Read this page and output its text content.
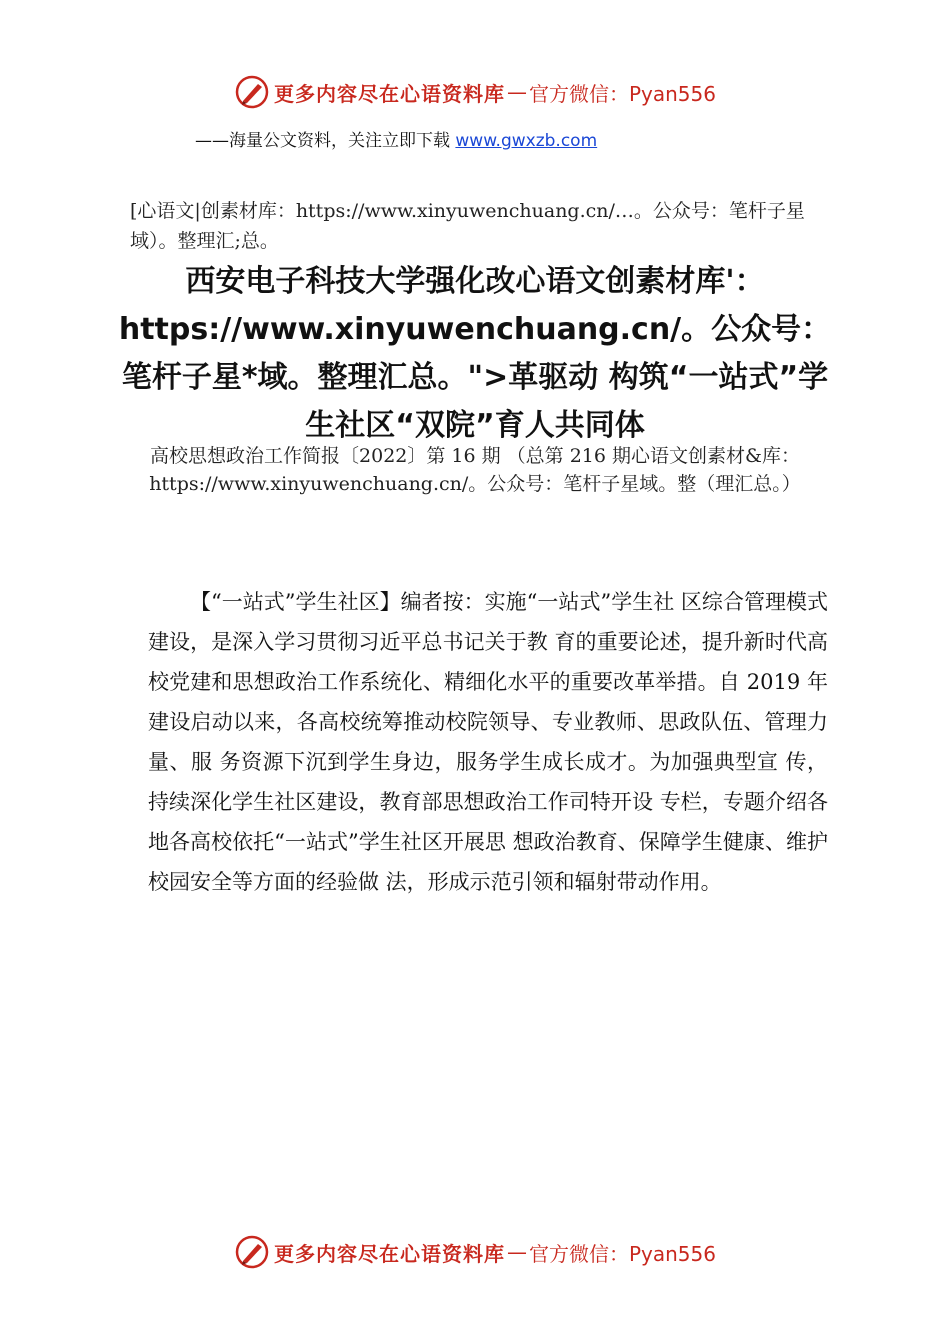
更多内容尽在心语资料库 — 官方微信：Pyan556
——海量公文资料，关注立即下载 www.gwxzb.com
[心语文|创素材库：https://www.xinyuwenchuang.cn/…。公众号：笔杆子星域）。整理汇;总。
西安电子科技大学强化改心语文创素材库'：https://www.xinyuwenchuang.cn/。公众号：笔杆子星*域。整理汇总。">革驱动 构筑“一站式”学生社区“双院”育人共同体
高校思想政治工作简报〔2022〕第 16 期 （总第 216 期心语文创素材&库：https://www.xinyuwenchuang.cn/。公众号：笔杆子星域。整（理汇总。）
【“一站式”学生社区】编者按：实施“一站式”学生社 区综合管理模式建设，是深入学习贯彻习近平总书记关于教 育的重要论述，提升新时代高校党建和思想政治工作系统化、精细化水平的重要改革举措。自 2019 年建设启动以来，各高校统筹推动校院领导、专业教师、思政队伍、管理力量、服 务资源下沉到学生身边，服务学生成长成才。为加强典型宣 传，持续深化学生社区建设，教育部思想政治工作司特开设 专栏，专题介绍各地各高校依托“一站式”学生社区开展思 想政治教育、保障学生健康、维护校园安全等方面的经验做 法，形成示范引领和辐射带动作用。
更多内容尽在心语资料库 — 官方微信：Pyan556
